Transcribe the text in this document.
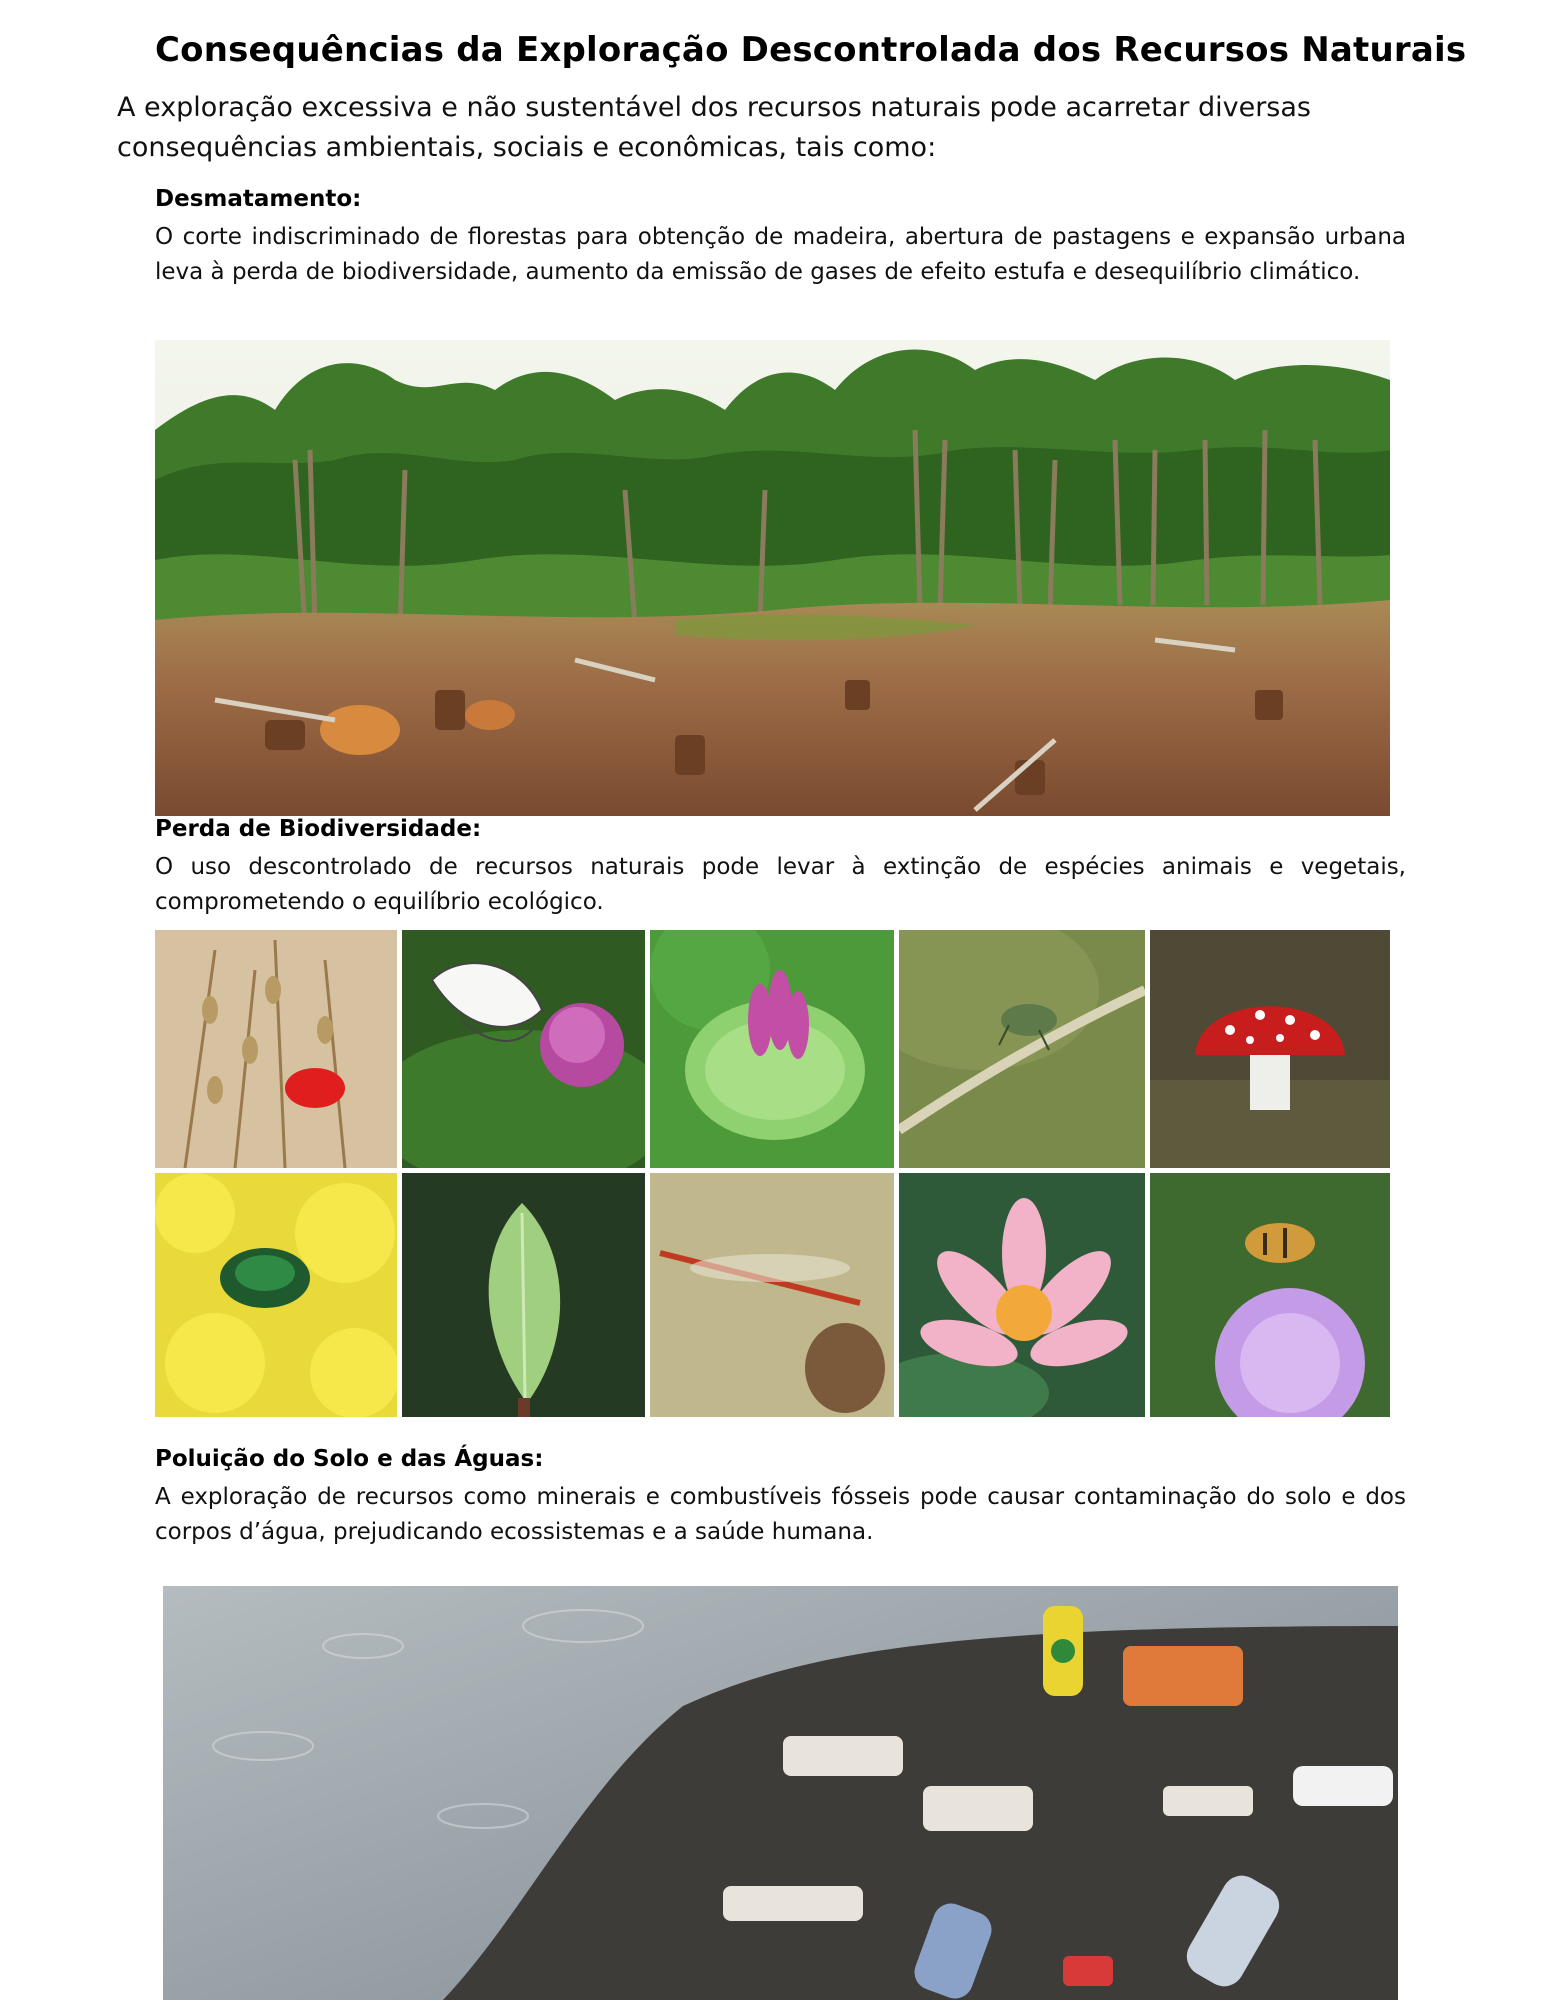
Consequências da Exploração Descontrolada dos Recursos Naturais
A exploração excessiva e não sustentável dos recursos naturais pode acarretar diversas consequências ambientais, sociais e econômicas, tais como:
Desmatamento:
O corte indiscriminado de florestas para obtenção de madeira, abertura de pastagens e expansão urbana leva à perda de biodiversidade, aumento da emissão de gases de efeito estufa e desequilíbrio climático.
Perda de Biodiversidade:
O uso descontrolado de recursos naturais pode levar à extinção de espécies animais e vegetais, comprometendo o equilíbrio ecológico.
Poluição do Solo e das Águas:
A exploração de recursos como minerais e combustíveis fósseis pode causar contaminação do solo e dos corpos d’água, prejudicando ecossistemas e a saúde humana.
